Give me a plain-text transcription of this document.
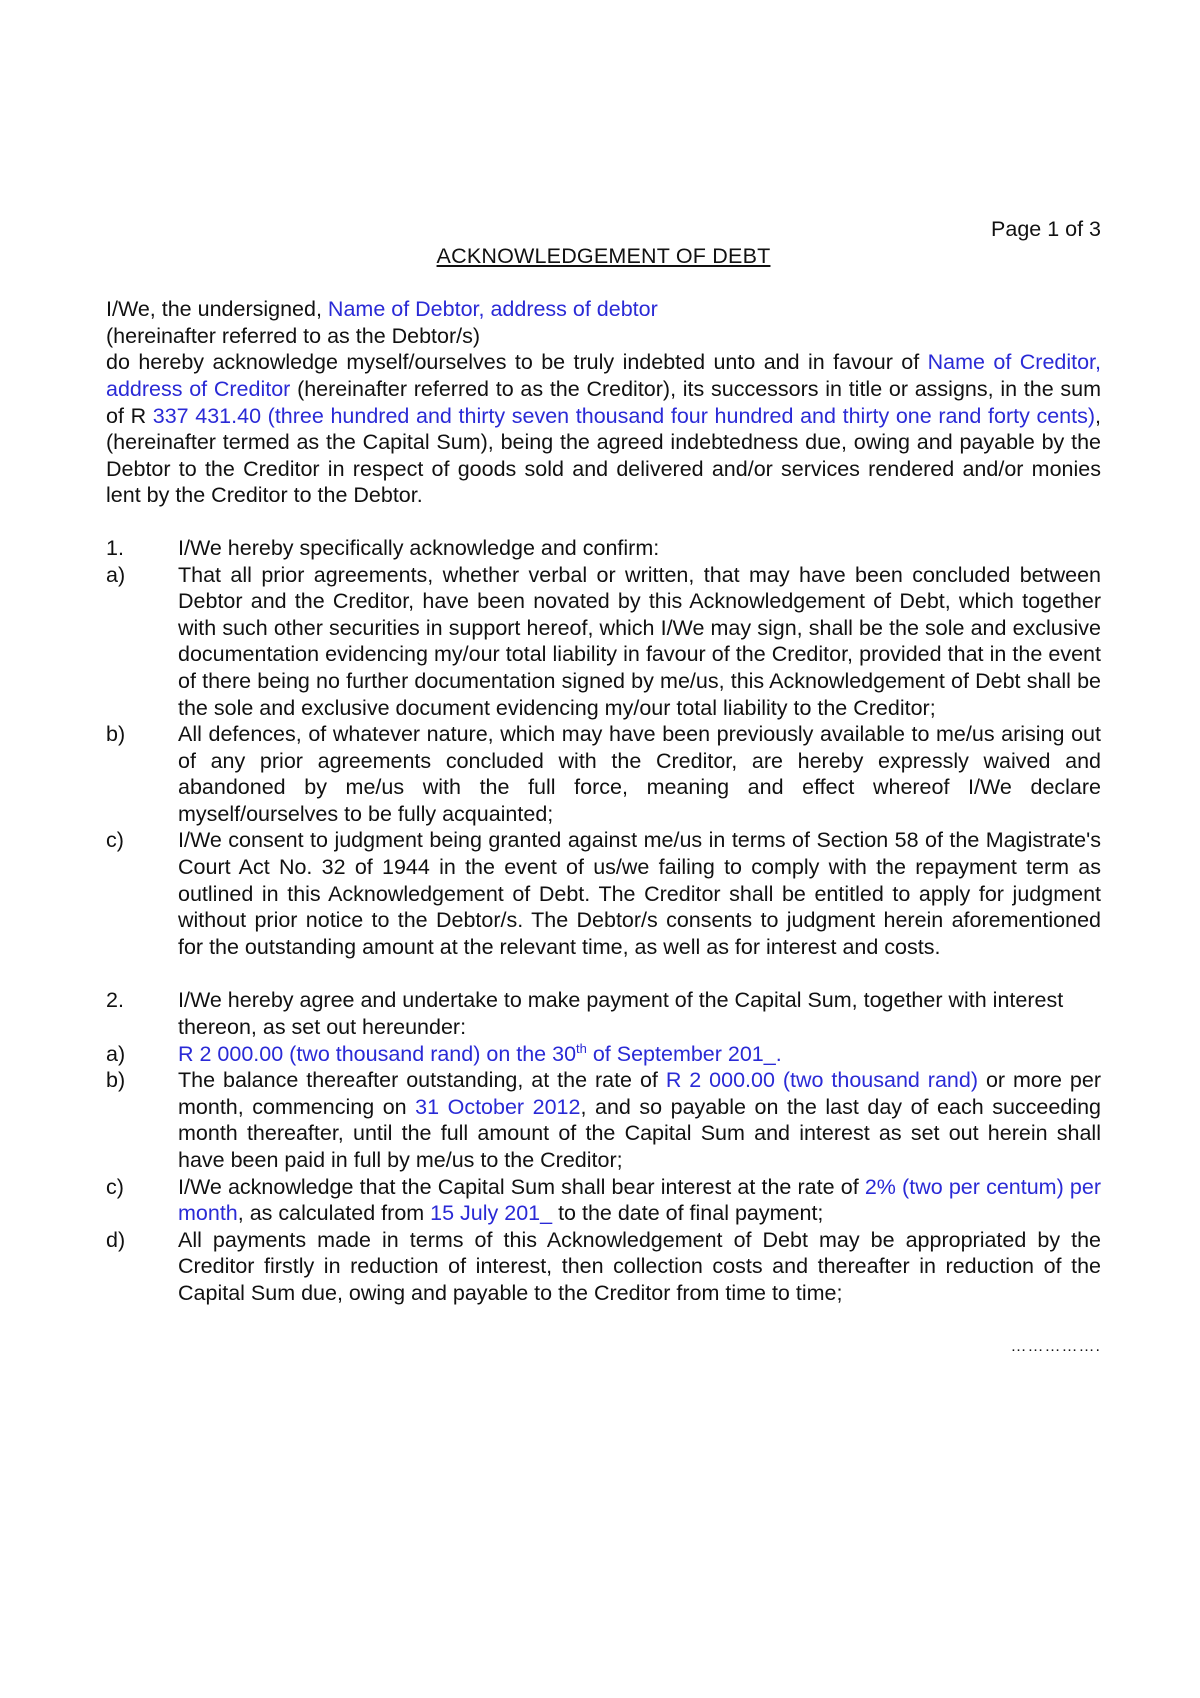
Page 1 of 3
ACKNOWLEDGEMENT OF DEBT
I/We, the undersigned, Name of Debtor, address of debtor
(hereinafter referred to as the Debtor/s)
do hereby acknowledge myself/ourselves to be truly indebted unto and in favour of Name of Creditor, address of Creditor (hereinafter referred to as the Creditor), its successors in title or assigns, in the sum of R 337 431.40 (three hundred and thirty seven thousand four hundred and thirty one rand forty cents), (hereinafter termed as the Capital Sum), being the agreed indebtedness due, owing and payable by the Debtor to the Creditor in respect of goods sold and delivered and/or services rendered and/or monies lent by the Creditor to the Debtor.
1.	I/We hereby specifically acknowledge and confirm:
a)	That all prior agreements, whether verbal or written, that may have been concluded between Debtor and the Creditor, have been novated by this Acknowledgement of Debt, which together with such other securities in support hereof, which I/We may sign, shall be the sole and exclusive documentation evidencing my/our total liability in favour of the Creditor, provided that in the event of there being no further documentation signed by me/us, this Acknowledgement of Debt shall be the sole and exclusive document evidencing my/our total liability to the Creditor;
b)	All defences, of whatever nature, which may have been previously available to me/us arising out of any prior agreements concluded with the Creditor, are hereby expressly waived and abandoned by me/us with the full force, meaning and effect whereof I/We declare myself/ourselves to be fully acquainted;
c)	I/We consent to judgment being granted against me/us in terms of Section 58 of the Magistrate's Court Act No. 32 of 1944 in the event of us/we failing to comply with the repayment term as outlined in this Acknowledgement of Debt. The Creditor shall be entitled to apply for judgment without prior notice to the Debtor/s. The Debtor/s consents to judgment herein aforementioned for the outstanding amount at the relevant time, as well as for interest and costs.
2.	I/We hereby agree and undertake to make payment of the Capital Sum, together with interest thereon, as set out hereunder:
a)	R 2 000.00 (two thousand rand) on the 30th of September 201_.
b)	The balance thereafter outstanding, at the rate of R 2 000.00 (two thousand rand) or more per month, commencing on 31 October 2012, and so payable on the last day of each succeeding month thereafter, until the full amount of the Capital Sum and interest as set out herein shall have been paid in full by me/us to the Creditor;
c)	I/We acknowledge that the Capital Sum shall bear interest at the rate of 2% (two per centum) per month, as calculated from 15 July 201_ to the date of final payment;
d)	All payments made in terms of this Acknowledgement of Debt may be appropriated by the Creditor firstly in reduction of interest, then collection costs and thereafter in reduction of the Capital Sum due, owing and payable to the Creditor from time to time;
…………….
